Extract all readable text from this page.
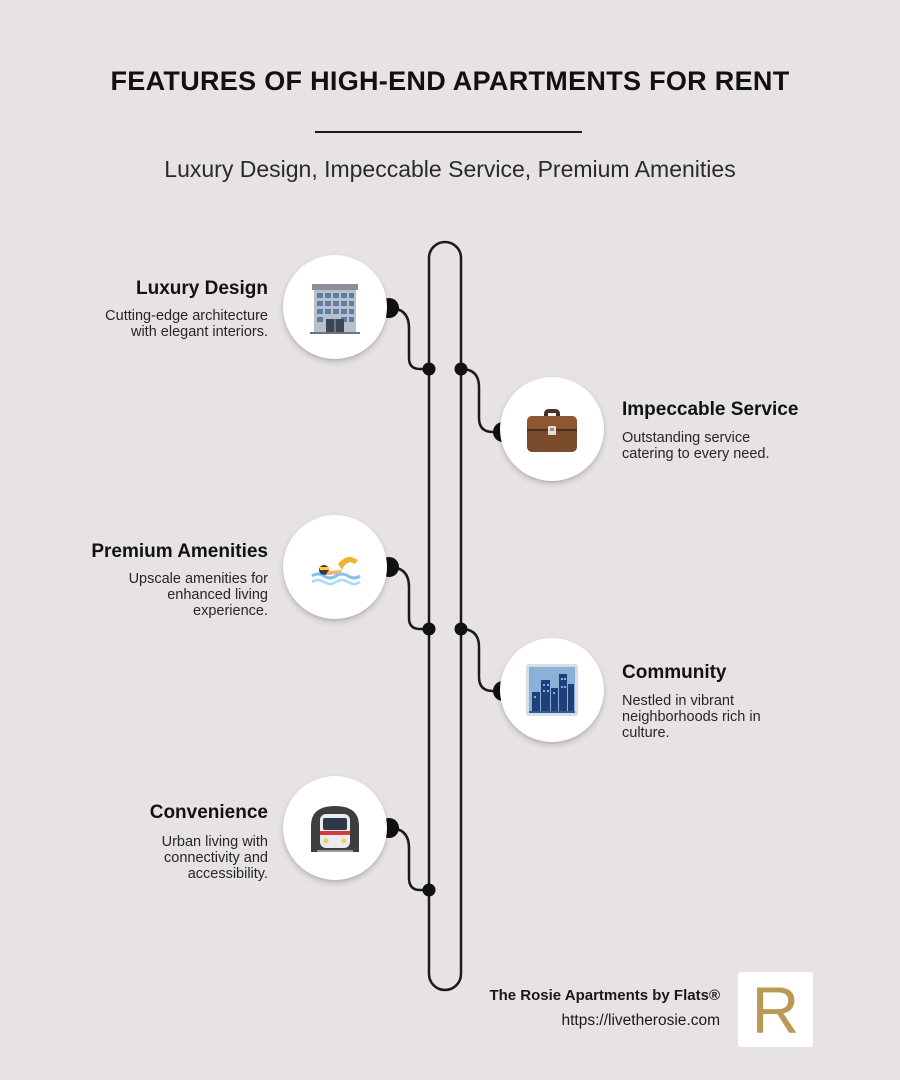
FEATURES OF HIGH-END APARTMENTS FOR RENT
Luxury Design, Impeccable Service, Premium Amenities
Luxury Design
Cutting-edge architecture
with elegant interiors.
Impeccable Service
Outstanding service
catering to every need.
Premium Amenities
Upscale amenities for
enhanced living
experience.
Community
Nestled in vibrant
neighborhoods rich in
culture.
Convenience
Urban living with
connectivity and
accessibility.
The Rosie Apartments by Flats®
https://livetherosie.com R
